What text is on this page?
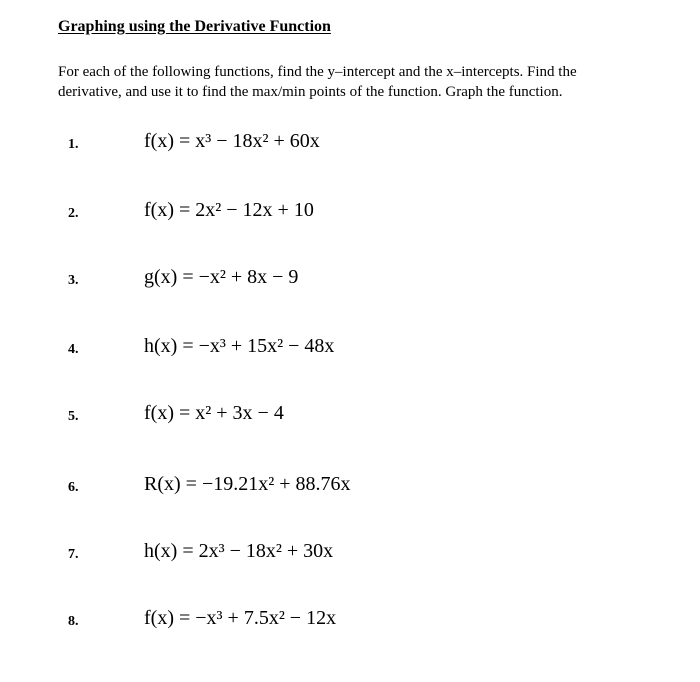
Graphing using the Derivative Function

For each of the following functions, find the y–intercept and the x–intercepts. Find the

derivative, and use it to find the max/min points of the function. Graph the function.

1.	f(x) = x³ − 18x² + 60x
2.	f(x) = 2x² − 12x + 10
3.	g(x) = −x² + 8x − 9
4.	h(x) = −x³ + 15x² − 48x
5.	f(x) = x² + 3x − 4
6.	R(x) = −19.21x² + 88.76x
7.	h(x) = 2x³ − 18x² + 30x
8.	f(x) = −x³ + 7.5x² − 12x
